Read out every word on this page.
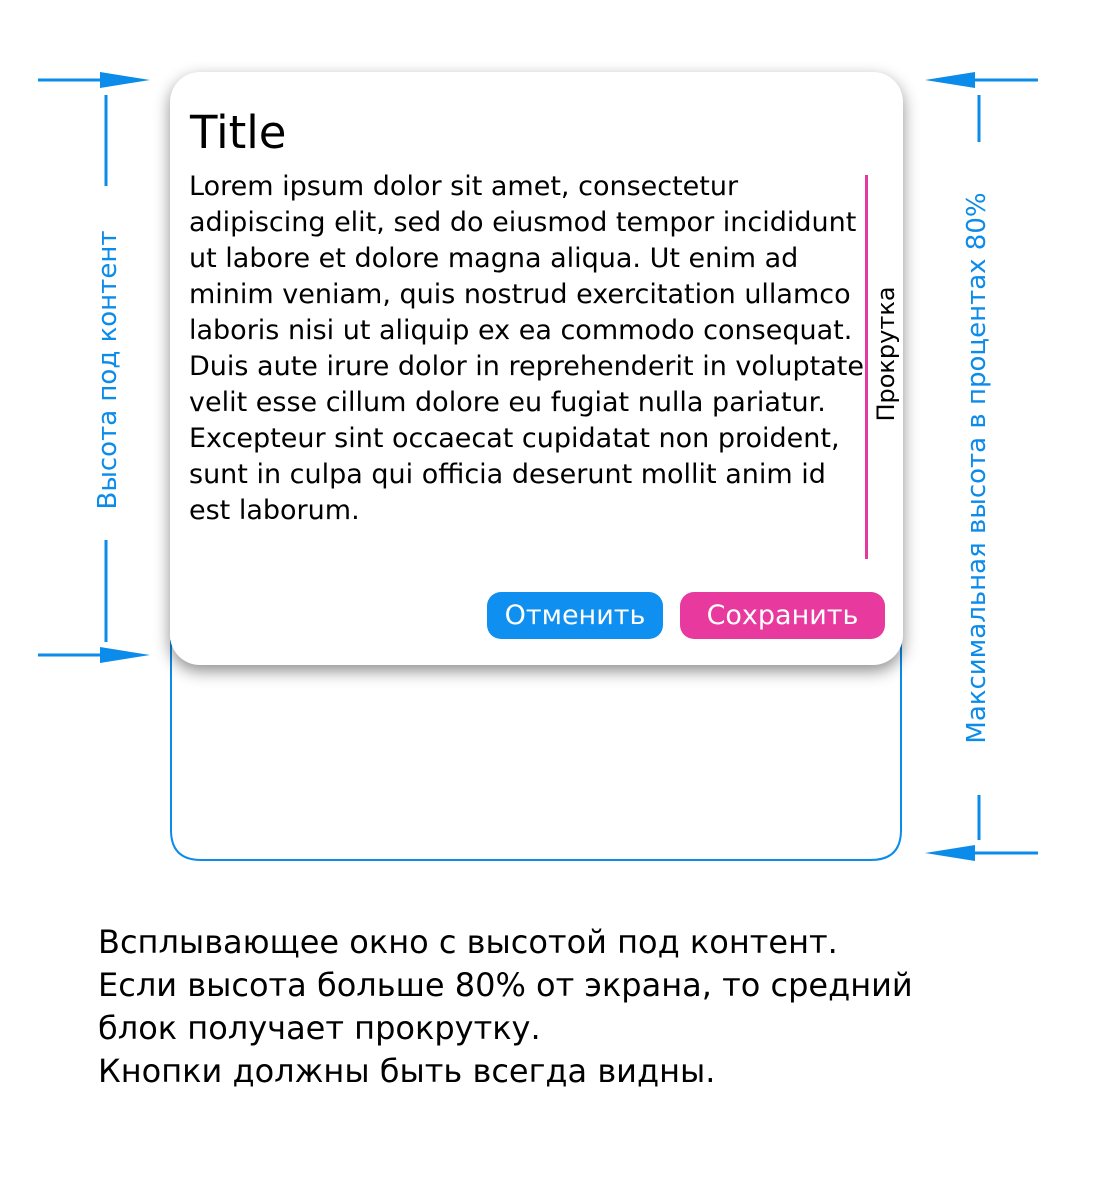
Высота под контент	Максимальная высота в процентах 80%
Title

Lorem ipsum dolor sit amet, consectetur adipiscing elit, sed do eiusmod tempor incididunt ut labore et dolore magna aliqua. Ut enim ad minim veniam, quis nostrud exercitation ullamco laboris nisi ut aliquip ex ea commodo consequat. Duis aute irure dolor in reprehenderit in voluptate velit esse cillum dolore eu fugiat nulla pariatur. Excepteur sint occaecat cupidatat non proident, sunt in culpa qui officia deserunt mollit anim id est laborum.

Прокрутка
Отменить	Сохранить

Всплывающее окно с высотой под контент.

Если высота больше 80% от экрана, то средний

блок получает прокрутку.

Кнопки должны быть всегда видны.
